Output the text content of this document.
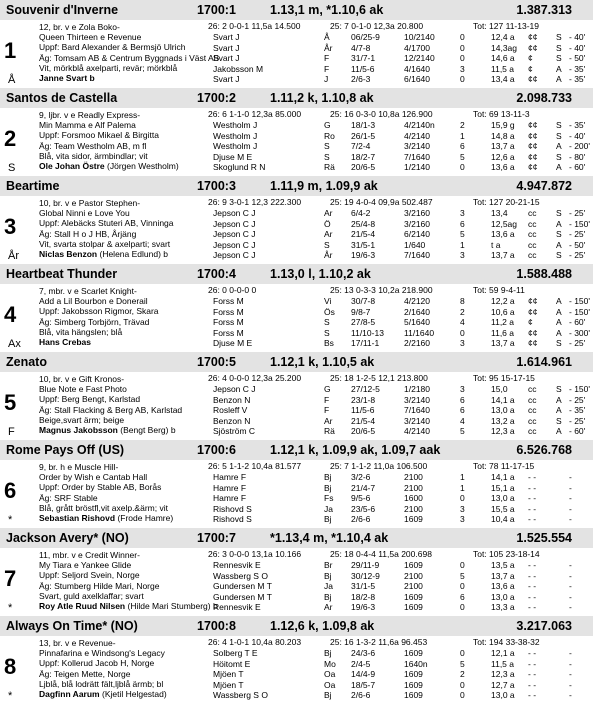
Souvenir d'Inverne	1700:1	1.13,1 m, *1.10,6 ak	1.387.313
26: 2 0-0-1 11,5a 14.500	25: 7 0-1-0 12,3a 20.800	Tot: 127 11-13-19
1
Å
12, br. v e Zola Boko-
Queen Thirteen e Revenue
Uppf: Bard Alexander & Bermsjö Ulrich
Äg: Tomsam AB & Centrum Byggnads i Väst AB
Vit, mörkblå axelparti, revär; mörkblå
Janne Svart b
Svart J	Å	06/25-9	10/2140	0	12,4 a ¢¢ S - 40'
Svart J	År 4/7-8	4/1700	0	14,3ag ¢¢ S - 40'
Svart J	F	31/7-1	12/2140	0	14,6 a ¢	S - 50'
Jakobsson M	F	11/5-6	4/1640	3	11,5 a ¢	A - 35'
Svart J	J	2/6-3	6/1640	0	13,4 a ¢¢ A - 35'
Santos de Castella	1700:2	1.11,2 k, 1.10,8 ak	2.098.733
26: 6 1-1-0 12,3a 85.000	25: 16 0-3-0 10,8a 126.900	Tot: 69 13-11-3
2
S
9, ljbr. v e Readly Express-
Min Mamma e Alf Palema
Uppf: Forsmoo Mikael & Birgitta
Äg: Team Westholm AB, m fl
Blå, vita sidor, ärmbindlar; vit
Ole Johan Östre (Jörgen Westholm)
Westholm J	G 18/1-3	4/2140n	2	15,9 g ¢¢ S - 35'
Westholm J	Ro 26/1-5	4/2140	1	14,8 a ¢¢ S - 40'
Westholm J	S	7/2-4	3/2140	6	13,7 a ¢¢ A - 200'
Djuse M E	S	18/2-7	7/1640	5	12,6 a ¢¢ S - 80'
Skoglund R N	Rä 20/6-5	1/2140	0	13,6 a ¢¢ A - 60'
Beartime	1700:3	1.11,9 m, 1.09,9 ak	4.947.872
26: 9 3-0-1 12,3 222.300	25: 19 4-0-4 09,9a 502.487	Tot: 127 20-21-15
3
År
10, br. v e Pastor Stephen-
Global Ninni e Love You
Uppf: Alebäcks Stuteri AB, Vinninga
Äg: Stall H o J HB, Årjäng
Vit, svarta stolpar & axelparti; svart
Niclas Benzon (Helena Edlund) b
Jepson C J	Ar 6/4-2	3/2160	3	13,4 cc S - 25'
Jepson C J	Ö 25/4-8	3/2160	6	12,5ag cc A - 150'
Jepson C J	Ar 21/5-4	6/2140	5	13,6 a cc S - 25'
Jepson C J	S	31/5-1	1/640	1	t a	cc A - 50'
Jepson C J	År 19/6-3	7/1640	3	13,7 a cc S - 25'
Heartbeat Thunder	1700:4	1.13,0 l, 1.10,2 ak	1.588.488
26: 0 0-0-0 0	25: 13 0-3-3 10,2a 218.900	Tot: 59 9-4-11
4
Ax
7, mbr. v e Scarlet Knight-
Add a Lil Bourbon e Donerail
Uppf: Jakobsson Rigmor, Skara
Äg: Simberg Torbjörn, Trävad
Blå, vita hängslen; blå
Hans Crebas
Forss M	Vi 30/7-8	4/2120	8	12,2 a ¢¢ A - 150'
Forss M	Ös 9/8-7	2/1640	2	10,6 a ¢¢ A - 150'
Forss M	S	27/8-5	5/1640	4	11,2 a ¢	A - 60'
Forss M	S	11/10-13 11/1640	0	11,6 a ¢¢ A - 300'
Djuse M E	Bs 17/11-1	2/2160	3	13,7 a ¢¢ S - 25'
Zenato	1700:5	1.12,1 k, 1.10,5 ak	1.614.961
26: 4 0-0-0 12,3a 25.200	25: 18 1-2-5 12,1 213.800	Tot: 95 15-17-15
5
F
10, br. v e Gift Kronos-
Blue Note e Fast Photo
Uppf: Berg Bengt, Karlstad
Äg: Stall Flacking & Berg AB, Karlstad
Beige,svart ärm; beige
Magnus Jakobsson (Bengt Berg) b
Jepson C J	G 27/12-5	1/2180	3	15,0 cc S - 150'
Benzon N	F	23/1-8	3/2140	6	14,1 a cc A - 25'
Rosleff V	F	11/5-6	7/1640	6	13,0 a cc A - 35'
Benzon N	Ar 21/5-4	3/2140	4	13,2 a cc S - 25'
Sjöström C	Rä 20/6-5	4/2140	5	12,3 a cc A - 60'
Rome Pays Off (US)	1700:6	1.12,1 k, 1.09,9 ak, 1.09,7 aak	6.526.768
26: 5 1-1-2 10,4a 81.577	25: 7 1-1-2 11,0a 106.500	Tot: 78 11-17-15
6
*
9, br. h e Muscle Hill-
Order by Wish e Cantab Hall
Uppf: Order by Stable AB, Borås
Äg: SRF Stable
Blå, grått bröstfl,vit axelp.&ärm; vit
Sebastian Rishovd (Frode Hamre)
Hamre F	Bj 3/2-6	2100	1	14,1 a - -	-
Hamre F	Bj 21/4-7	2100	1	15,1 a - -	-
Hamre F	Fs 9/5-6	1600	0	13,0 a - -	-
Rishovd S	Ja 23/5-6	2100	3	15,5 a - -	-
Rishovd S	Bj 2/6-6	1609	3	10,4 a - -	-
Jackson Avery* (NO)	1700:7	*1.13,4 m, *1.10,4 ak	1.525.554
26: 3 0-0-0 13,1a 10.166	25: 18 0-4-4 11,5a 200.698	Tot: 105 23-18-14
7
*
11, mbr. v e Credit Winner-
My Tiara e Yankee Glide
Uppf: Seljord Svein, Norge
Äg: Stumberg Hilde Mari, Norge
Svart, guld axelklaffar; svart
Roy Atle Ruud Nilsen (Hilde Mari Stumberg) b
Rennesvik E	Br 29/11-9	1609	0	13,5 a - -	-
Wassberg S O	Bj 30/12-9	2100	5	13,7 a - -	-
Gundersen M T	Ja 31/1-5	2100	0	13,6 a - -	-
Gundersen M T	Bj 18/2-8	1609	6	13,0 a - -	-
Rennesvik E	Ar 19/6-3	1609	0	13,3 a - -	-
Always On Time* (NO)	1700:8	1.12,6 k, 1.09,8 ak	3.217.063
26: 4 1-0-1 10,4a 80.203	25: 16 1-3-2 11,6a 96.453	Tot: 194 33-38-32
8
*
13, br. v e Revenue-
Pinnafarina e Windsong's Legacy
Uppf: Kollerud Jacob H, Norge
Äg: Teigen Mette, Norge
Ljblå, blå lodrätt fält,ljblå ärmb; bl
Dagfinn Aarum (Kjetil Helgestad)
Solberg T E	Bj 24/3-6	1609	0	12,1 a - -	-
Höitomt E	Mo 2/4-5	1640n	5	11,5 a - -	-
Mjöen T	Oa 14/4-9	1609	2	12,3 a - -	-
Mjöen T	Oa 18/5-7	1609	0	12,7 a - -	-
Wassberg S O	Bj 2/6-6	1609	0	13,0 a - -	-
